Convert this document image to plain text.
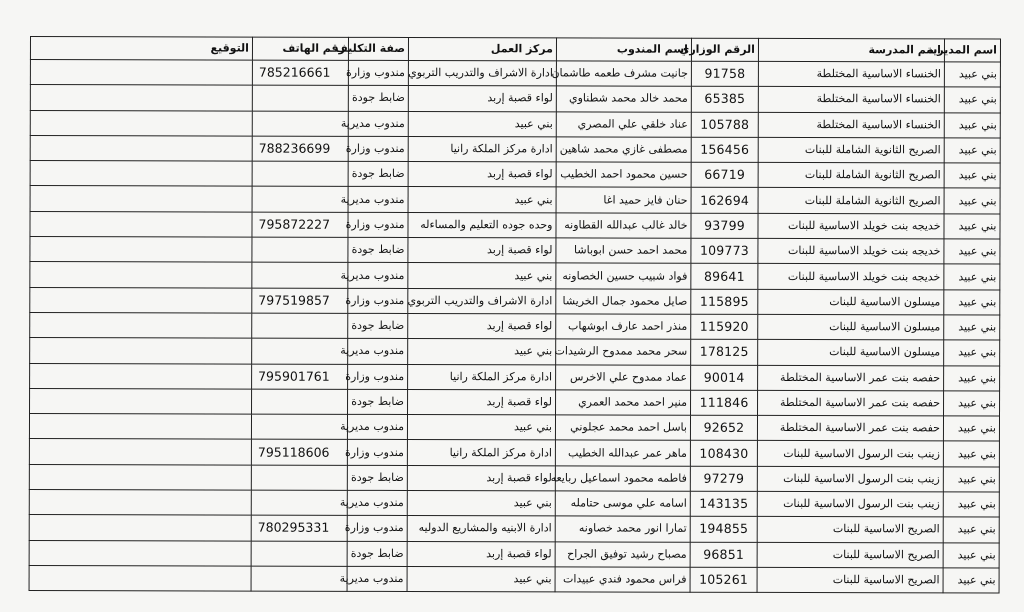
اسم المديرية	اسم المدرسة	الرقم الوزاري	اسم المندوب	مركز العمل	صفة التكليف	رقم الهاتف	التوقيع
بني عبيد	الخنساء الاساسية المختلطة	91758	جانيت مشرف طعمه طاشمان	ادارة الاشراف والتدريب التربوي	مندوب وزارة	785216661	
بني عبيد	الخنساء الاساسية المختلطة	65385	محمد خالد محمد شطناوي	لواء قصبة إربد	ضابط جودة		
بني عبيد	الخنساء الاساسية المختلطة	105788	عناد خلقي علي المصري	بني عبيد	مندوب مديرية		
بني عبيد	الصريح الثانوية الشاملة للبنات	156456	مصطفى غازي محمد شاهين	ادارة مركز الملكة رانيا	مندوب وزارة	788236699	
بني عبيد	الصريح الثانوية الشاملة للبنات	66719	حسين محمود احمد الخطيب	لواء قصبة إربد	ضابط جودة		
بني عبيد	الصريح الثانوية الشاملة للبنات	162694	حنان فايز حميد اغا	بني عبيد	مندوب مديرية		
بني عبيد	خديجه بنت خويلد الاساسية للبنات	93799	خالد غالب عبدالله القطاونه	وحده جوده التعليم والمساءله	مندوب وزارة	795872227	
بني عبيد	خديجه بنت خويلد الاساسية للبنات	109773	محمد احمد حسن ابوباشا	لواء قصبة إربد	ضابط جودة		
بني عبيد	خديجه بنت خويلد الاساسية للبنات	89641	فواد شبيب حسين الخصاونه	بني عبيد	مندوب مديرية		
بني عبيد	ميسلون الاساسية للبنات	115895	صايل محمود جمال الخريشا	ادارة الاشراف والتدريب التربوي	مندوب وزارة	797519857	
بني عبيد	ميسلون الاساسية للبنات	115920	منذر احمد عارف ابوشهاب	لواء قصبة إربد	ضابط جودة		
بني عبيد	ميسلون الاساسية للبنات	178125	سحر محمد ممدوح الرشيدات	بني عبيد	مندوب مديرية		
بني عبيد	حفصه بنت عمر الاساسية المختلطة	90014	عماد ممدوح علي الاخرس	ادارة مركز الملكة رانيا	مندوب وزارة	795901761	
بني عبيد	حفصه بنت عمر الاساسية المختلطة	111846	منير احمد محمد العمري	لواء قصبة إربد	ضابط جودة		
بني عبيد	حفصه بنت عمر الاساسية المختلطة	92652	باسل احمد محمد عجلوني	بني عبيد	مندوب مديرية		
بني عبيد	زينب بنت الرسول الاساسية للبنات	108430	ماهر عمر عبدالله الخطيب	ادارة مركز الملكة رانيا	مندوب وزارة	795118606	
بني عبيد	زينب بنت الرسول الاساسية للبنات	97279	فاطمه محمود اسماعيل ربايعه	لواء قصبة إربد	ضابط جودة		
بني عبيد	زينب بنت الرسول الاساسية للبنات	143135	اسامه علي موسى حتامله	بني عبيد	مندوب مديرية		
بني عبيد	الصريح الاساسية للبنات	194855	تمارا انور محمد خصاونه	ادارة الابنيه والمشاريع الدوليه	مندوب وزارة	780295331	
بني عبيد	الصريح الاساسية للبنات	96851	مصباح رشيد توفيق الجراح	لواء قصبة إربد	ضابط جودة		
بني عبيد	الصريح الاساسية للبنات	105261	فراس محمود فندي عبيدات	بني عبيد	مندوب مديرية		
